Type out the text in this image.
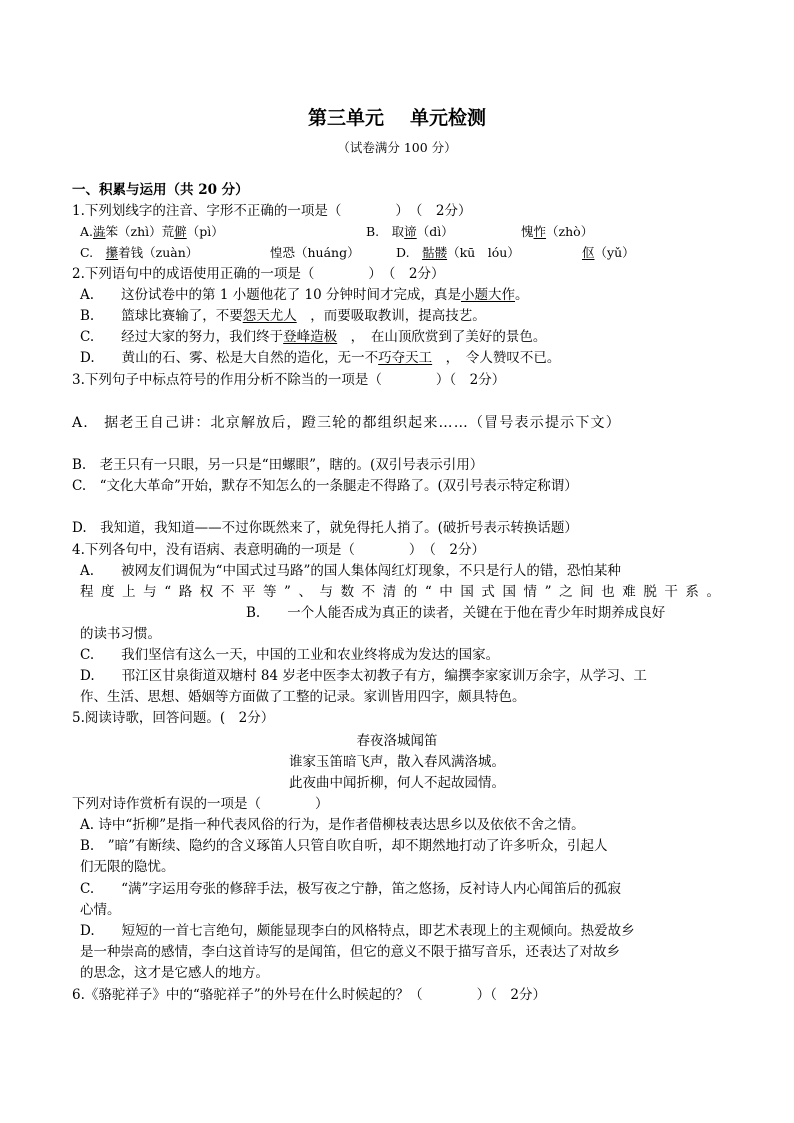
第三单元 单元检测
（试卷满分 100 分）
一、积累与运用（共 20 分）
1.下列划线字的注音、字形不正确的一项是（　　　　）　（　2分）
A.澁笨（zhì）荒僻（pì）	B.　取谛（dì）	愧怍（zhò）
C.　攥着钱（zuàn）	惶恐（huáng）	D.　骷髅（kū　lóu）	伛（yǔ）
2.下列语句中的成语使用正确的一项是（　　　　）　（　2分）
A.　　这份试卷中的第 1 小题他花了 10 分钟时间才完成，真是小题大作。
B.　　篮球比赛输了，不要怨天尤人　，而要吸取教训，提高技艺。
C.　　经过大家的努力，我们终于登峰造极　，　在山顶欣赏到了美好的景色。
D.　　黄山的石、雾、松是大自然的造化，无一不巧夺天工　，　令人赞叹不已。
3.下列句子中标点符号的作用分析不除当的一项是（　　　　）（　2分）
A.　据老王自己讲：北京解放后，蹬三轮的都组织起来……（冒号表示提示下文）
B.　老王只有一只眼，另一只是“田螺眼”，瞎的。(双引号表示引用）
C.　“文化大革命”开始，默存不知怎么的一条腿走不得路了。(双引号表示特定称谓）
D.　我知道，我知道——不过你既然来了，就免得托人捎了。(破折号表示转换话题）
4.下列各句中，没有语病、表意明确的一项是（　　　　）　（　2分）
A.　　被网友们调侃为“中国式过马路”的国人集体闯红灯现象，不只是行人的错，恐怕某种
程度上与“路权不平等”、与数不清的“中国式国情”之间也难脱干系。
B.　　一个人能否成为真正的读者，关键在于他在青少年时期养成良好
的读书习惯。
C.　　我们坚信有这么一天，中国的工业和农业终将成为发达的国家。
D.　　邗江区甘泉街道双塘村 84 岁老中医李太初教子有方，编撰李家家训万余字，从学习、工
作、生活、思想、婚姻等方面做了工整的记录。家训皆用四字，颇具特色。
5.阅读诗歌，回答问题。(　2分）
春夜洛城闻笛
谁家玉笛暗飞声，散入春风满洛城。
此夜曲中闻折柳，何人不起故园情。
下列对诗作赏析有误的一项是（　　　　）
A. 诗中“折柳”是指一种代表风俗的行为，是作者借柳枝表达思乡以及依依不舍之情。
B.　”暗”有断续、隐约的含义琢笛人只管自吹自听，却不期然地打动了许多听众，引起人
们无限的隐忧。
C.　　“满”字运用夸张的修辞手法，极写夜之宁静，笛之悠扬，反衬诗人内心闻笛后的孤寂
心情。
D.　　短短的一首七言绝句，颇能显现李白的风格特点，即艺术表现上的主观倾向。热爱故乡
是一种崇高的感情，李白这首诗写的是闻笛，但它的意义不限于描写音乐，还表达了对故乡
的思念，这才是它感人的地方。
6.《骆驼祥子》中的“骆驼祥子”的外号在什么时候起的？（　　　　）（　2分）
